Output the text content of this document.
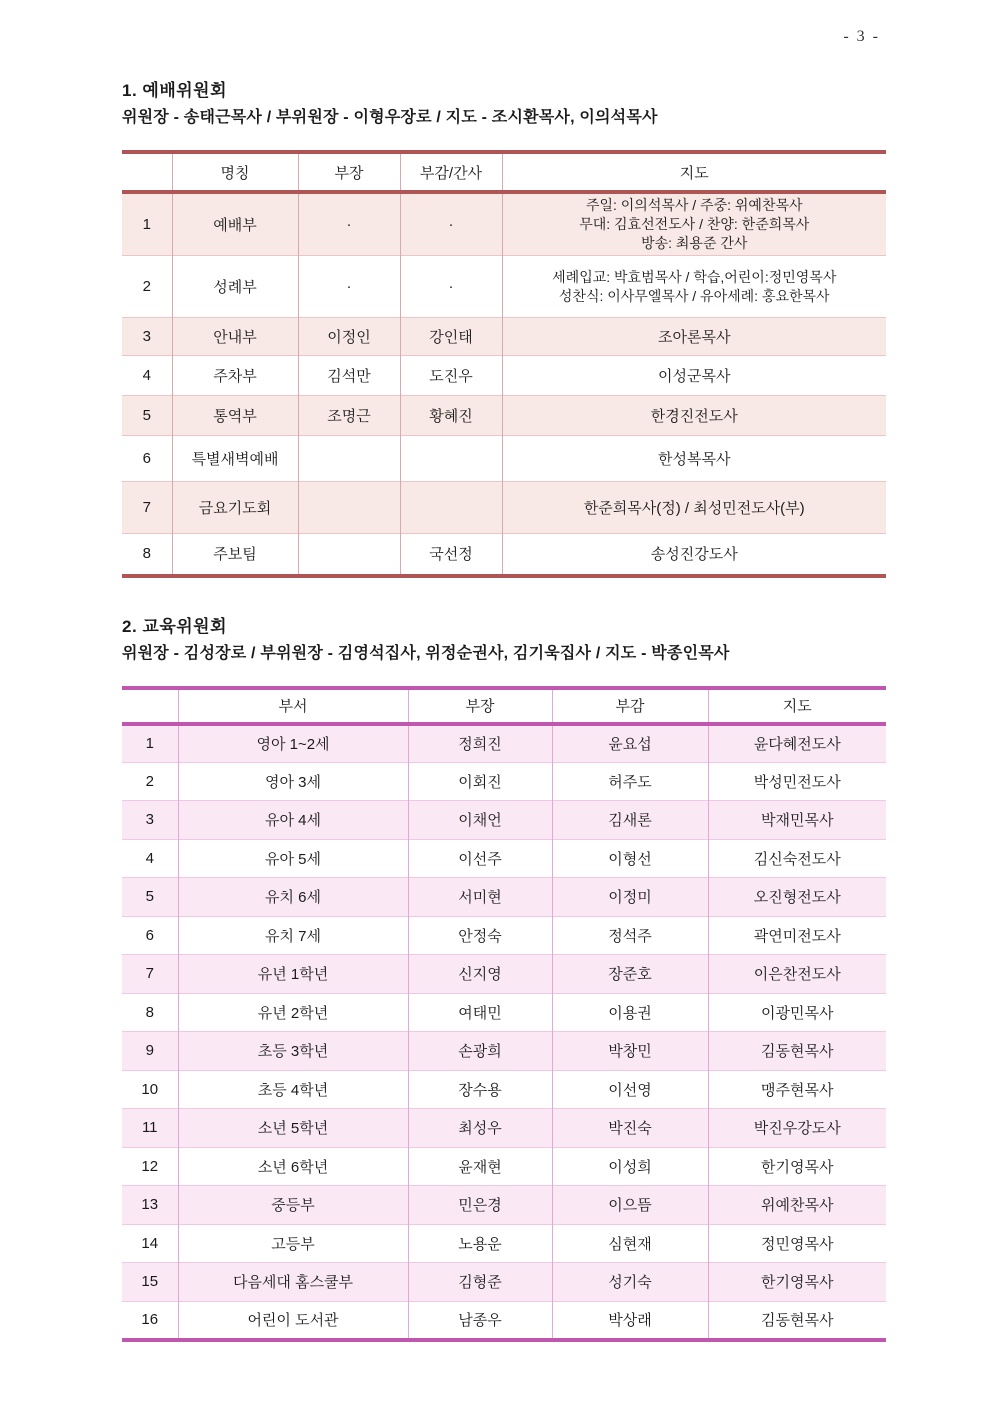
- 3 -
1. 예배위원회

위원장 - 송태근목사 / 부위원장 - 이형우장로 / 지도 - 조시환목사, 이의석목사

	명칭	부장	부감/간사	지도
1	예배부	·	·	주일: 이의석목사 / 주중: 위예찬목사
무대: 김효선전도사 / 찬양: 한준희목사
방송: 최용준 간사

2	성례부	·	·	세례입교: 박효범목사 / 학습,어린이:정민영목사
성찬식: 이사무엘목사 / 유아세례: 홍요한목사

3	안내부	이정인	강인태	조아론목사
4	주차부	김석만	도진우	이성군목사
5	통역부	조명근	황혜진	한경진전도사
6	특별새벽예배			한성복목사
7	금요기도회			한준희목사(정) / 최성민전도사(부)
8	주보팀		국선정	송성진강도사
2. 교육위원회

위원장 - 김성장로 / 부위원장 - 김영석집사, 위정순권사, 김기욱집사 / 지도 - 박종인목사

	부서	부장	부감	지도
1	영아 1~2세	정희진	윤요섭	윤다혜전도사
2	영아 3세	이회진	허주도	박성민전도사
3	유아 4세	이채언	김새론	박재민목사
4	유아 5세	이선주	이형선	김신숙전도사
5	유치 6세	서미현	이정미	오진형전도사
6	유치 7세	안정숙	정석주	곽연미전도사
7	유년 1학년	신지영	장준호	이은찬전도사
8	유년 2학년	여태민	이용권	이광민목사
9	초등 3학년	손광희	박창민	김동현목사
10	초등 4학년	장수용	이선영	맹주현목사
11	소년 5학년	최성우	박진숙	박진우강도사
12	소년 6학년	윤재현	이성희	한기영목사
13	중등부	민은경	이으뜸	위예찬목사
14	고등부	노용운	심현재	정민영목사
15	다음세대 홈스쿨부	김형준	성기숙	한기영목사
16	어린이 도서관	남종우	박상래	김동현목사
